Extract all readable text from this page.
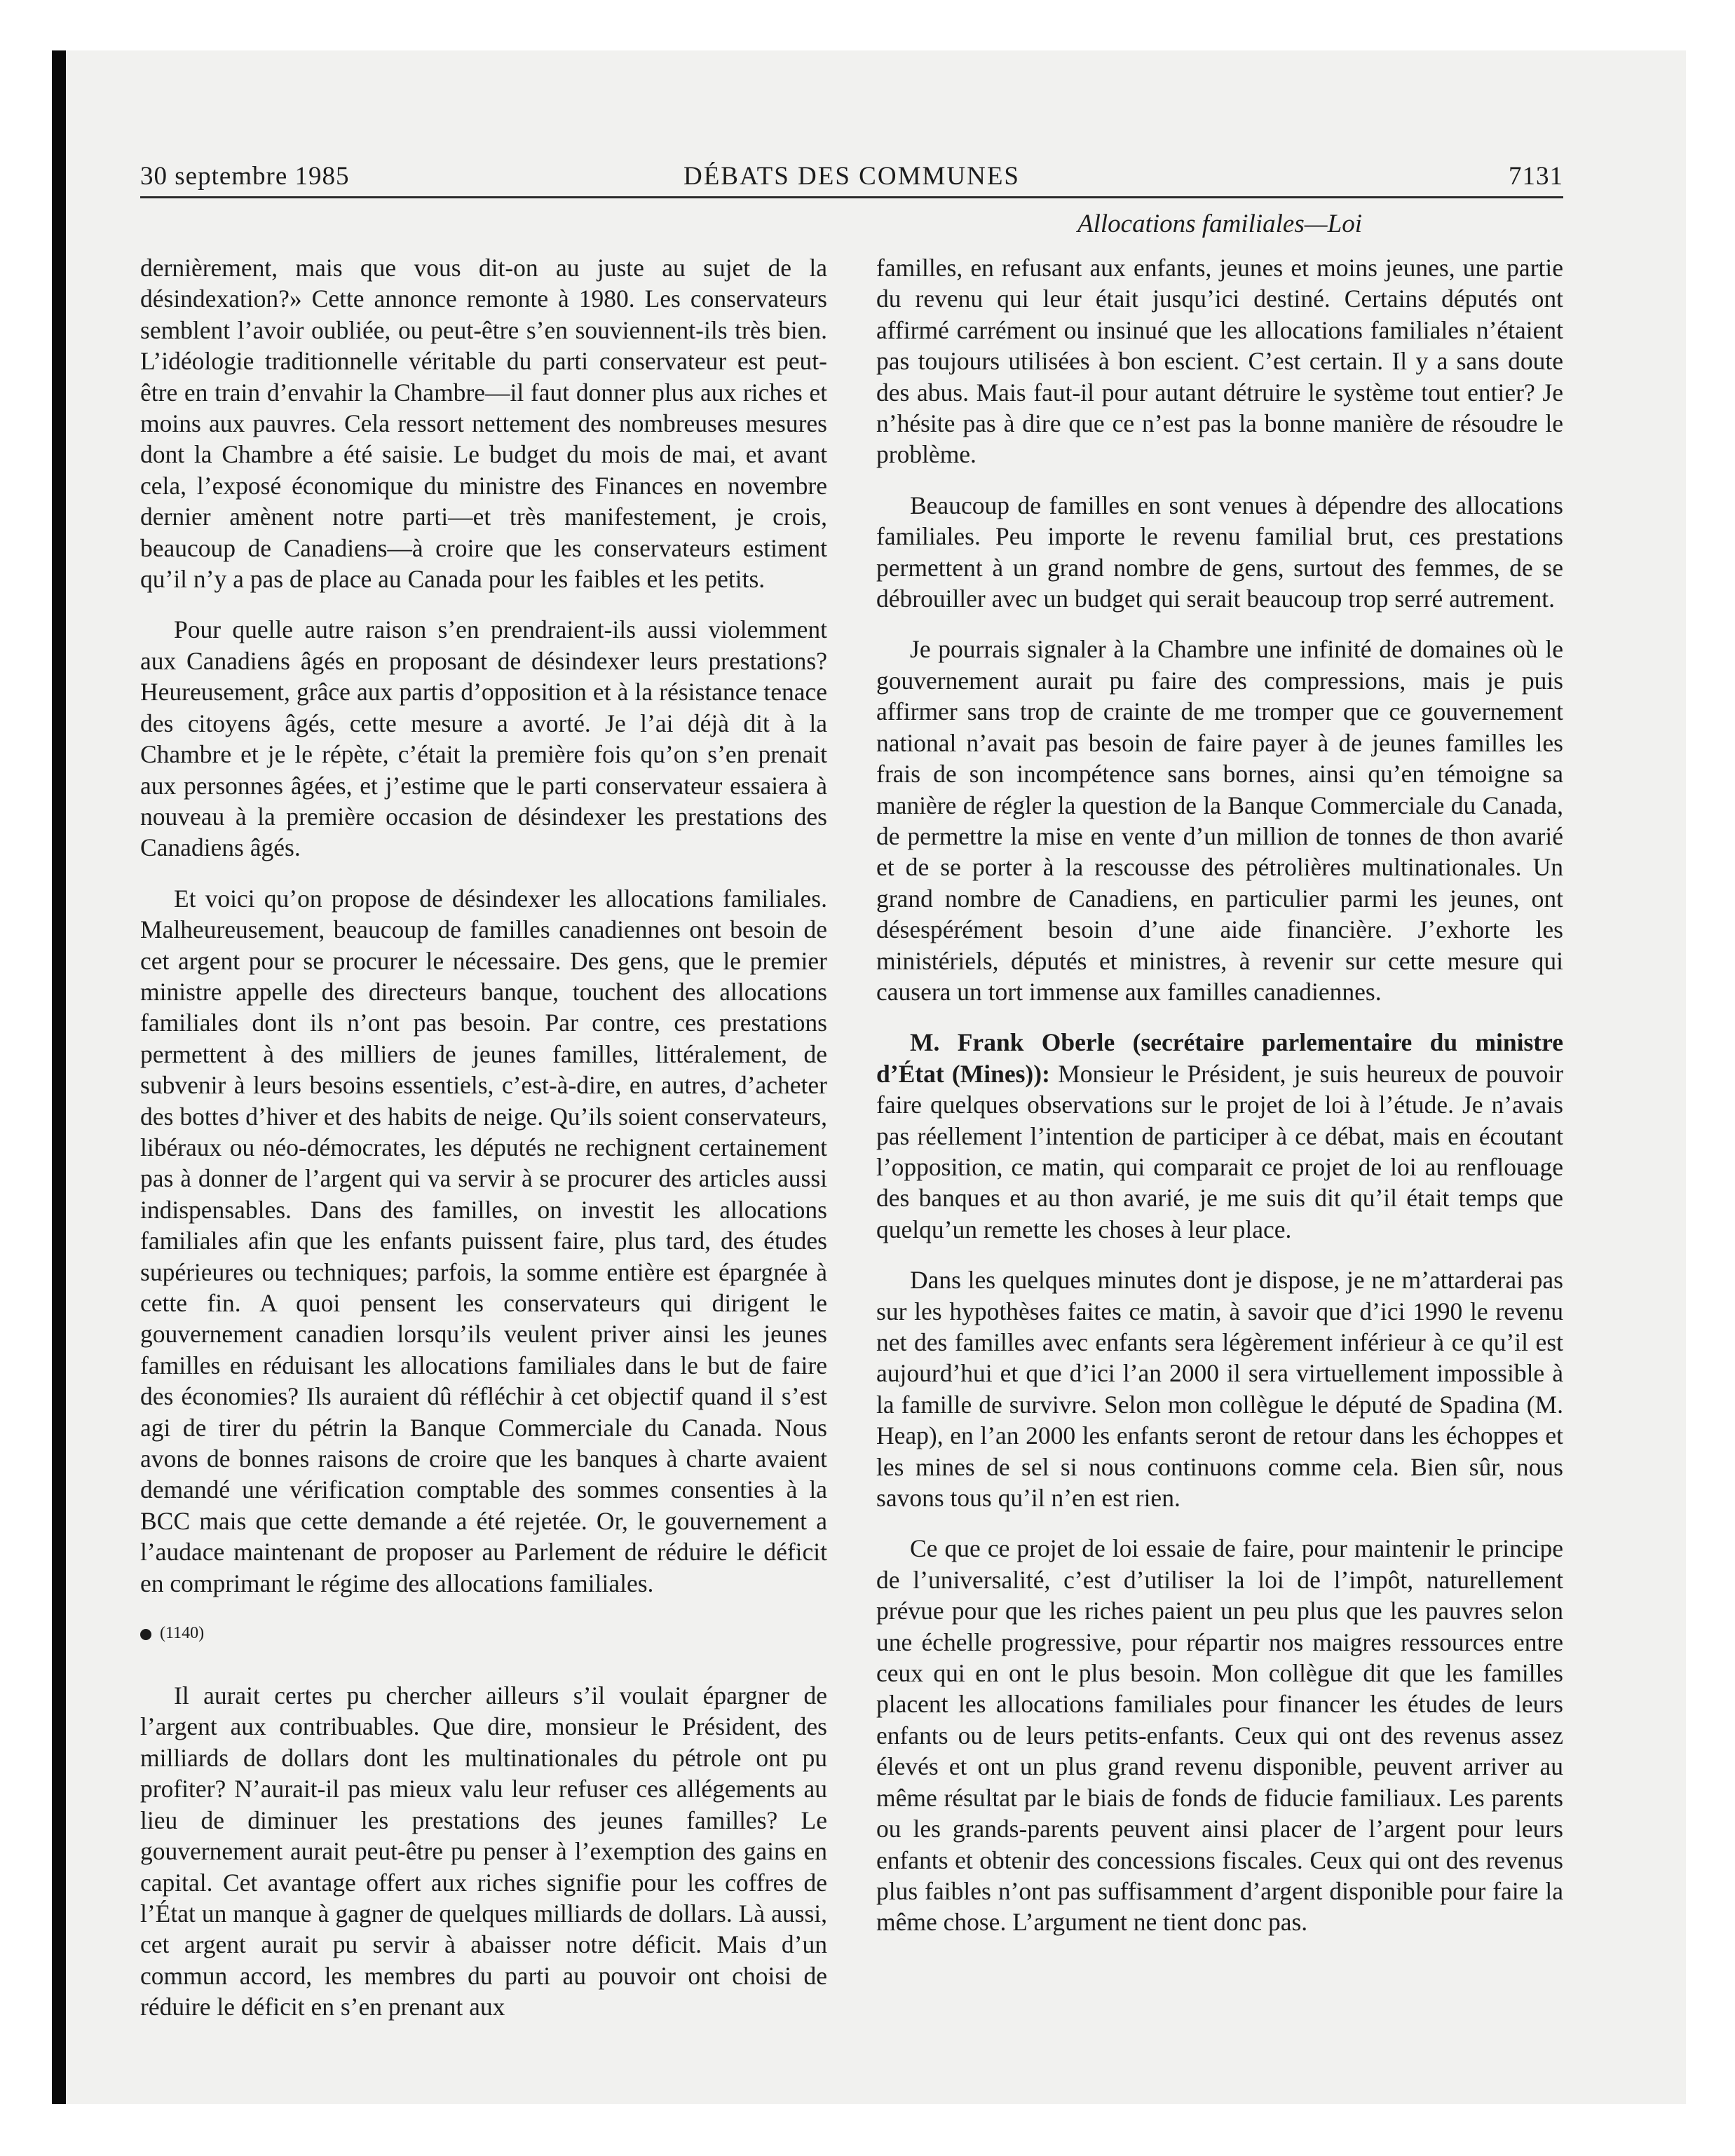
30 septembre 1985	DÉBATS DES COMMUNES	7131
Allocations familiales—Loi

dernièrement, mais que vous dit-on au juste au sujet de la désindexation?» Cette annonce remonte à 1980. Les conservateurs semblent l’avoir oubliée, ou peut-être s’en souviennent-ils très bien. L’idéologie traditionnelle véritable du parti conservateur est peut-être en train d’envahir la Chambre—il faut donner plus aux riches et moins aux pauvres. Cela ressort nettement des nombreuses mesures dont la Chambre a été saisie. Le budget du mois de mai, et avant cela, l’exposé économique du ministre des Finances en novembre dernier amènent notre parti—et très manifestement, je crois, beaucoup de Canadiens—à croire que les conservateurs estiment qu’il n’y a pas de place au Canada pour les faibles et les petits.

Pour quelle autre raison s’en prendraient-ils aussi violemment aux Canadiens âgés en proposant de désindexer leurs prestations? Heureusement, grâce aux partis d’opposition et à la résistance tenace des citoyens âgés, cette mesure a avorté. Je l’ai déjà dit à la Chambre et je le répète, c’était la première fois qu’on s’en prenait aux personnes âgées, et j’estime que le parti conservateur essaiera à nouveau à la première occasion de désindexer les prestations des Canadiens âgés.

Et voici qu’on propose de désindexer les allocations familiales. Malheureusement, beaucoup de familles canadiennes ont besoin de cet argent pour se procurer le nécessaire. Des gens, que le premier ministre appelle des directeurs banque, touchent des allocations familiales dont ils n’ont pas besoin. Par contre, ces prestations permettent à des milliers de jeunes familles, littéralement, de subvenir à leurs besoins essentiels, c’est-à-dire, en autres, d’acheter des bottes d’hiver et des habits de neige. Qu’ils soient conservateurs, libéraux ou néo-démocrates, les députés ne rechignent certainement pas à donner de l’argent qui va servir à se procurer des articles aussi indispensables. Dans des familles, on investit les allocations familiales afin que les enfants puissent faire, plus tard, des études supérieures ou techniques; parfois, la somme entière est épargnée à cette fin. A quoi pensent les conservateurs qui dirigent le gouvernement canadien lorsqu’ils veulent priver ainsi les jeunes familles en réduisant les allocations familiales dans le but de faire des économies? Ils auraient dû réfléchir à cet objectif quand il s’est agi de tirer du pétrin la Banque Commerciale du Canada. Nous avons de bonnes raisons de croire que les banques à charte avaient demandé une vérification comptable des sommes consenties à la BCC mais que cette demande a été rejetée. Or, le gouvernement a l’audace maintenant de proposer au Parlement de réduire le déficit en comprimant le régime des allocations familiales.

(1140)

Il aurait certes pu chercher ailleurs s’il voulait épargner de l’argent aux contribuables. Que dire, monsieur le Président, des milliards de dollars dont les multinationales du pétrole ont pu profiter? N’aurait-il pas mieux valu leur refuser ces allégements au lieu de diminuer les prestations des jeunes familles? Le gouvernement aurait peut-être pu penser à l’exemption des gains en capital. Cet avantage offert aux riches signifie pour les coffres de l’État un manque à gagner de quelques milliards de dollars. Là aussi, cet argent aurait pu servir à abaisser notre déficit. Mais d’un commun accord, les membres du parti au pouvoir ont choisi de réduire le déficit en s’en prenant aux

familles, en refusant aux enfants, jeunes et moins jeunes, une partie du revenu qui leur était jusqu’ici destiné. Certains députés ont affirmé carrément ou insinué que les allocations familiales n’étaient pas toujours utilisées à bon escient. C’est certain. Il y a sans doute des abus. Mais faut-il pour autant détruire le système tout entier? Je n’hésite pas à dire que ce n’est pas la bonne manière de résoudre le problème.

Beaucoup de familles en sont venues à dépendre des allocations familiales. Peu importe le revenu familial brut, ces prestations permettent à un grand nombre de gens, surtout des femmes, de se débrouiller avec un budget qui serait beaucoup trop serré autrement.

Je pourrais signaler à la Chambre une infinité de domaines où le gouvernement aurait pu faire des compressions, mais je puis affirmer sans trop de crainte de me tromper que ce gouvernement national n’avait pas besoin de faire payer à de jeunes familles les frais de son incompétence sans bornes, ainsi qu’en témoigne sa manière de régler la question de la Banque Commerciale du Canada, de permettre la mise en vente d’un million de tonnes de thon avarié et de se porter à la rescousse des pétrolières multinationales. Un grand nombre de Canadiens, en particulier parmi les jeunes, ont désespérément besoin d’une aide financière. J’exhorte les ministériels, députés et ministres, à revenir sur cette mesure qui causera un tort immense aux familles canadiennes.

M. Frank Oberle (secrétaire parlementaire du ministre d’État (Mines)): Monsieur le Président, je suis heureux de pouvoir faire quelques observations sur le projet de loi à l’étude. Je n’avais pas réellement l’intention de participer à ce débat, mais en écoutant l’opposition, ce matin, qui comparait ce projet de loi au renflouage des banques et au thon avarié, je me suis dit qu’il était temps que quelqu’un remette les choses à leur place.

Dans les quelques minutes dont je dispose, je ne m’attarderai pas sur les hypothèses faites ce matin, à savoir que d’ici 1990 le revenu net des familles avec enfants sera légèrement inférieur à ce qu’il est aujourd’hui et que d’ici l’an 2000 il sera virtuellement impossible à la famille de survivre. Selon mon collègue le député de Spadina (M. Heap), en l’an 2000 les enfants seront de retour dans les échoppes et les mines de sel si nous continuons comme cela. Bien sûr, nous savons tous qu’il n’en est rien.

Ce que ce projet de loi essaie de faire, pour maintenir le principe de l’universalité, c’est d’utiliser la loi de l’impôt, naturellement prévue pour que les riches paient un peu plus que les pauvres selon une échelle progressive, pour répartir nos maigres ressources entre ceux qui en ont le plus besoin. Mon collègue dit que les familles placent les allocations familiales pour financer les études de leurs enfants ou de leurs petits-enfants. Ceux qui ont des revenus assez élevés et ont un plus grand revenu disponible, peuvent arriver au même résultat par le biais de fonds de fiducie familiaux. Les parents ou les grands-parents peuvent ainsi placer de l’argent pour leurs enfants et obtenir des concessions fiscales. Ceux qui ont des revenus plus faibles n’ont pas suffisamment d’argent disponible pour faire la même chose. L’argument ne tient donc pas.
